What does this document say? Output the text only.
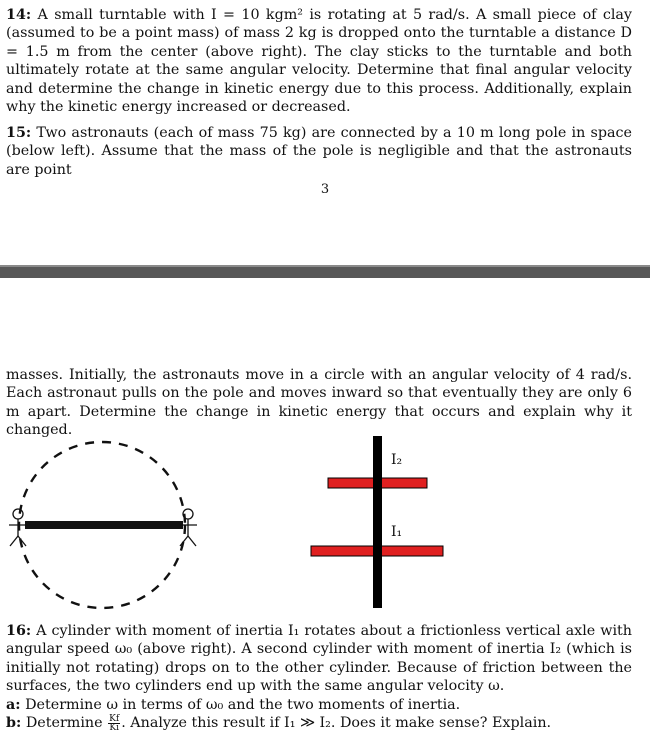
14: A small turntable with I = 10 kgm² is rotating at 5 rad/s. A small piece of clay (assumed to be a point mass) of mass 2 kg is dropped onto the turntable a distance D = 1.5 m from the center (above right). The clay sticks to the turntable and both ultimately rotate at the same angular velocity. Determine that final angular velocity and determine the change in kinetic energy due to this process. Additionally, explain why the kinetic energy increased or decreased.

15: Two astronauts (each of mass 75 kg) are connected by a 10 m long pole in space (below left). Assume that the mass of the pole is negligible and that the astronauts are point

3

masses. Initially, the astronauts move in a circle with an angular velocity of 4 rad/s. Each astronaut pulls on the pole and moves inward so that eventually they are only 6 m apart. Determine the change in kinetic energy that occurs and explain why it changed.

I₂
I₁

16: A cylinder with moment of inertia I₁ rotates about a frictionless vertical axle with angular speed ω₀ (above right). A second cylinder with moment of inertia I₂ (which is initially not rotating) drops on to the other cylinder. Because of friction between the surfaces, the two cylinders end up with the same angular velocity ω.
a: Determine ω in terms of ω₀ and the two moments of inertia.
b: Determine $\frac{Kf}{Ki}$ . Analyze this result if I₁ ≫ I₂. Does it make sense? Explain.
